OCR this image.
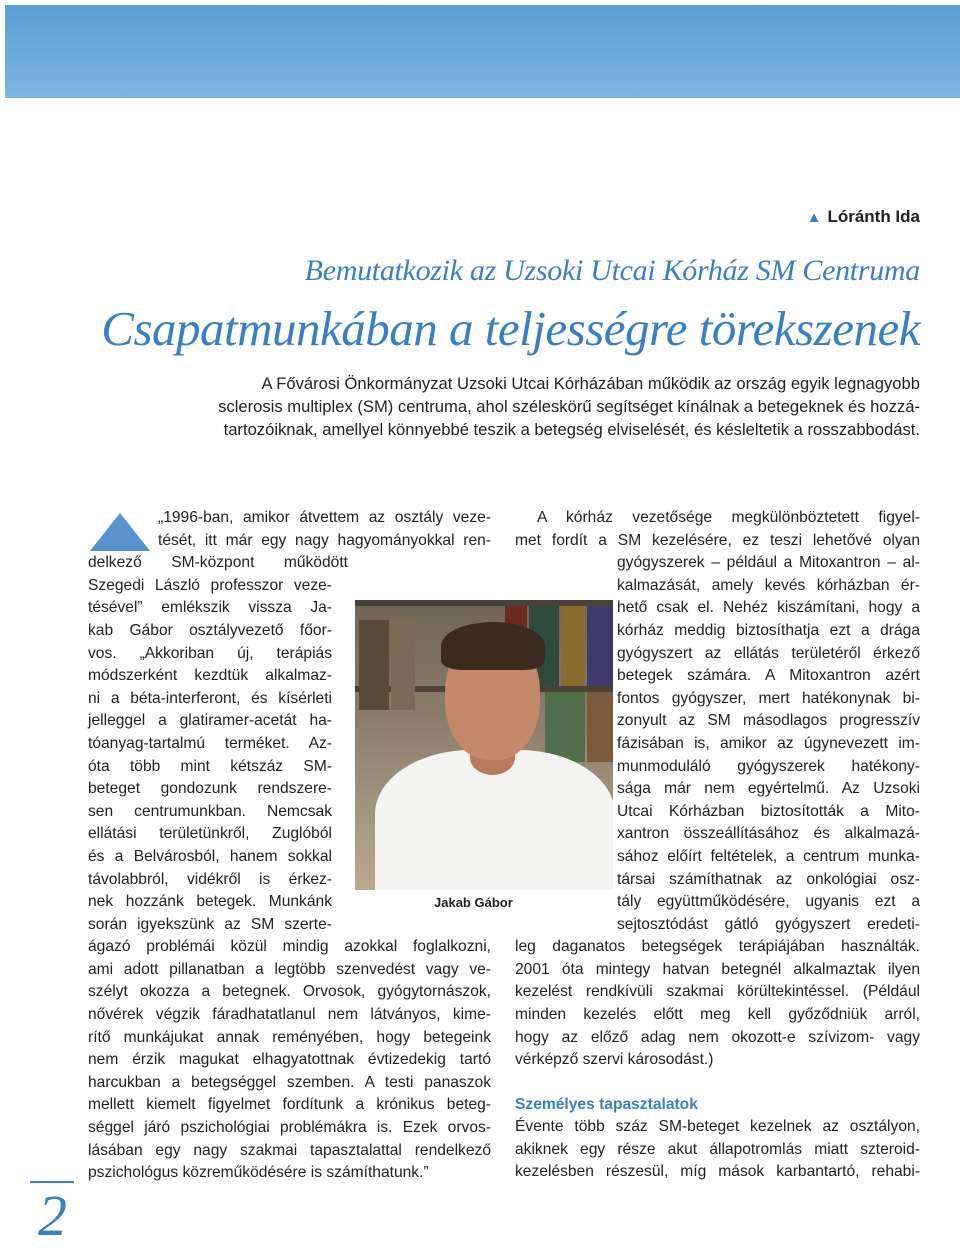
▲ Lóránth Ida
Bemutatkozik az Uzsoki Utcai Kórház SM Centruma
Csapatmunkában a teljességre törekszenek
A Fővárosi Önkormányzat Uzsoki Utcai Kórházában működik az ország egyik legnagyobb
sclerosis multiplex (SM) centruma, ahol széleskörű segítséget kínálnak a betegeknek és hozzá-
tartozóiknak, amellyel könnyebbé teszik a betegség elviselését, és késleltetik a rosszabbodást.
„1996-ban, amikor átvettem az osztály veze-
tését, itt már egy nagy hagyományokkal ren-
delkező SM-központ működött
Szegedi László professzor veze-
tésével” emlékszik vissza Ja-
kab Gábor osztályvezető főor-
vos. „Akkoriban új, terápiás
módszerként kezdtük alkalmaz-
ni a béta-interferont, és kísérleti
jelleggel a glatiramer-acetát ha-
tóanyag-tartalmú terméket. Az-
óta több mint kétszáz SM-
beteget gondozunk rendszere-
sen centrumunkban. Nemcsak
ellátási területünkről, Zuglóból
és a Belvárosból, hanem sokkal
távolabbról, vidékről is érkez-
nek hozzánk betegek. Munkánk
során igyekszünk az SM szerte-
ágazó problémái közül mindig azokkal foglalkozni,
ami adott pillanatban a legtöbb szenvedést vagy ve-
szélyt okozza a betegnek. Orvosok, gyógytornászok,
nővérek végzik fáradhatatlanul nem látványos, kime-
rítő munkájukat annak reményében, hogy betegeink
nem érzik magukat elhagyatottnak évtizedekig tartó
harcukban a betegséggel szemben. A testi panaszok
mellett kiemelt figyelmet fordítunk a krónikus beteg-
séggel járó pszichológiai problémákra is. Ezek orvos-
lásában egy nagy szakmai tapasztalattal rendelkező
pszichológus közreműködésére is számíthatunk.”
Jakab Gábor
A kórház vezetősége megkülönböztetett figyel-
met fordít a SM kezelésére, ez teszi lehetővé olyan
gyógyszerek – például a Mitoxantron – al-
kalmazását, amely kevés kórházban ér-
hető csak el. Nehéz kiszámítani, hogy a
kórház meddig biztosíthatja ezt a drága
gyógyszert az ellátás területéről érkező
betegek számára. A Mitoxantron azért
fontos gyógyszer, mert hatékonynak bi-
zonyult az SM másodlagos progresszív
fázisában is, amikor az úgynevezett im-
munmoduláló gyógyszerek hatékony-
sága már nem egyértelmű. Az Uzsoki
Utcai Kórházban biztosították a Mito-
xantron összeállításához és alkalmazá-
sához előírt feltételek, a centrum munka-
társai számíthatnak az onkológiai osz-
tály együttműködésére, ugyanis ezt a
sejtosztódást gátló gyógyszert eredeti-
leg daganatos betegségek terápiájában használták.
2001 óta mintegy hatvan betegnél alkalmaztak ilyen
kezelést rendkívüli szakmai körültekintéssel. (Például
minden kezelés előtt meg kell győződniük arról,
hogy az előző adag nem okozott-e szívizom- vagy
vérképző szervi károsodást.)
Személyes tapasztalatok
Évente több száz SM-beteget kezelnek az osztályon,
akiknek egy része akut állapotromlás miatt szteroid-
kezelésben részesül, míg mások karbantartó, rehabi-
2
